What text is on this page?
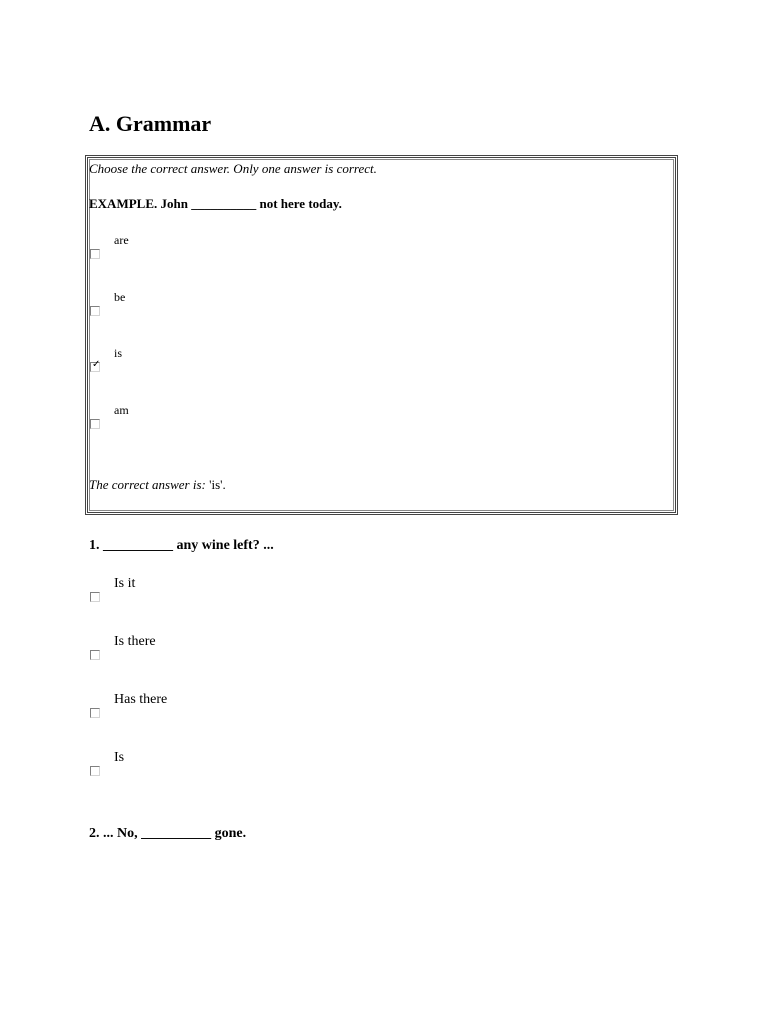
A. Grammar

Choose the correct answer. Only one answer is correct.

EXAMPLE. John __________ not here today.

are
be
is
✓
am

The correct answer is: 'is'.

1. __________ any wine left? ...

Is it
Is there
Has there
Is

2. ... No, __________ gone.
